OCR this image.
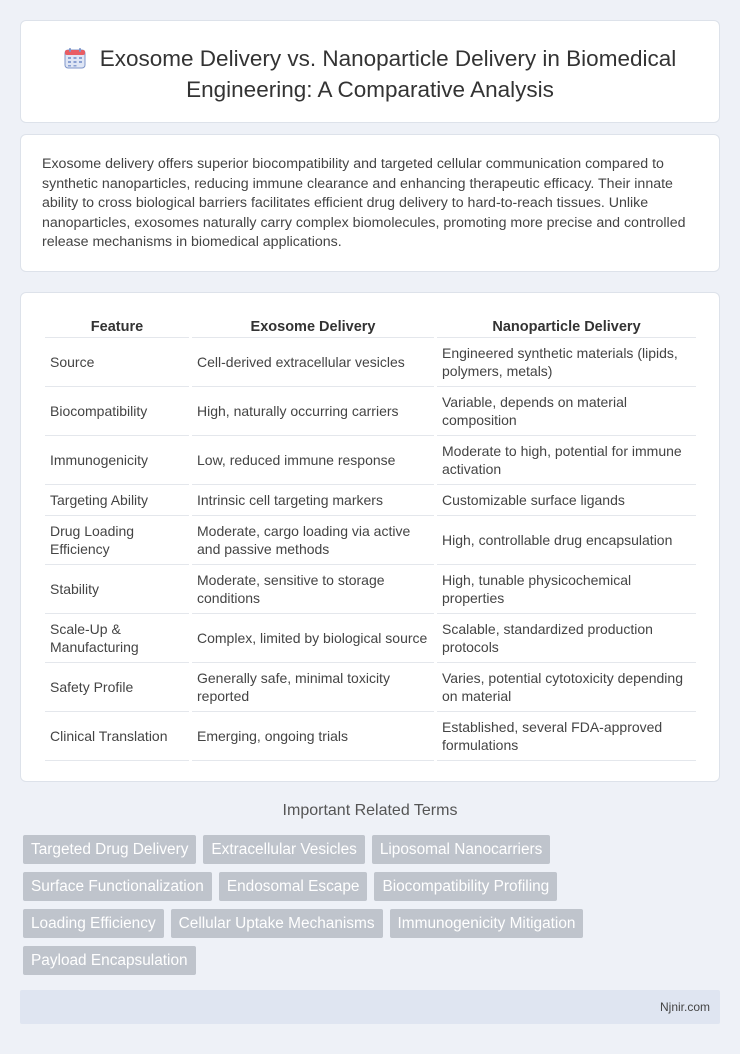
Exosome Delivery vs. Nanoparticle Delivery in Biomedical Engineering: A Comparative Analysis

Exosome delivery offers superior biocompatibility and targeted cellular communication compared to synthetic nanoparticles, reducing immune clearance and enhancing therapeutic efficacy. Their innate ability to cross biological barriers facilitates efficient drug delivery to hard-to-reach tissues. Unlike nanoparticles, exosomes naturally carry complex biomolecules, promoting more precise and controlled release mechanisms in biomedical applications.

Feature	Exosome Delivery	Nanoparticle Delivery
Source	Cell-derived extracellular vesicles	Engineered synthetic materials (lipids, polymers, metals)
Biocompatibility	High, naturally occurring carriers	Variable, depends on material composition
Immunogenicity	Low, reduced immune response	Moderate to high, potential for immune activation
Targeting Ability	Intrinsic cell targeting markers	Customizable surface ligands
Drug Loading Efficiency	Moderate, cargo loading via active and passive methods	High, controllable drug encapsulation
Stability	Moderate, sensitive to storage conditions	High, tunable physicochemical properties
Scale-Up & Manufacturing	Complex, limited by biological source	Scalable, standardized production protocols
Safety Profile	Generally safe, minimal toxicity reported	Varies, potential cytotoxicity depending on material
Clinical Translation	Emerging, ongoing trials	Established, several FDA-approved formulations
Important Related Terms
Targeted Drug Delivery	Extracellular Vesicles	Liposomal Nanocarriers
Surface Functionalization	Endosomal Escape	Biocompatibility Profiling
Loading Efficiency	Cellular Uptake Mechanisms	Immunogenicity Mitigation
Payload Encapsulation
Njnir.com
